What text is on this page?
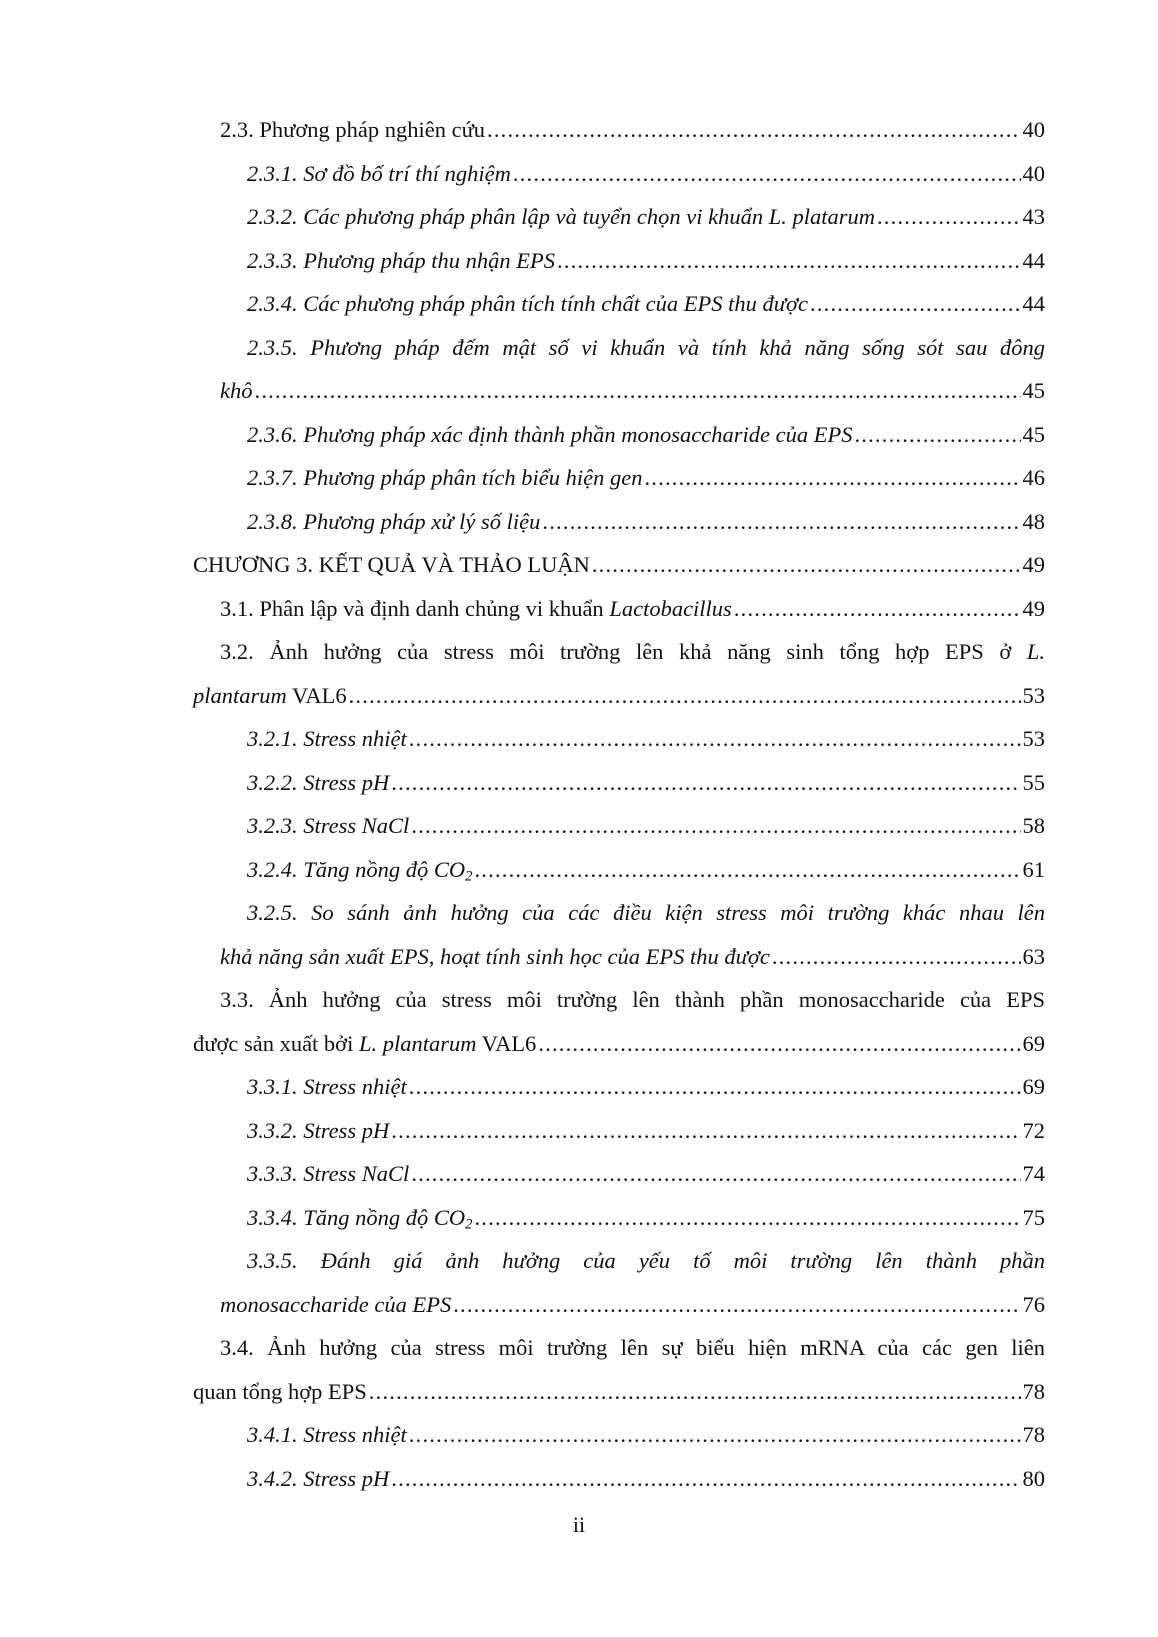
2.3. Phương pháp nghiên cứu .....	40
2.3.1. Sơ đồ bố trí thí nghiệm .....	40
2.3.2. Các phương pháp phân lập và tuyển chọn vi khuẩn L. platarum .....	43
2.3.3. Phương pháp thu nhận EPS .....	44
2.3.4. Các phương pháp phân tích tính chất của EPS thu được .....	44
2.3.5. Phương pháp đếm mật số vi khuẩn và tính khả năng sống sót sau đông
khô .....	45
2.3.6. Phương pháp xác định thành phần monosaccharide của EPS .....	45
2.3.7. Phương pháp phân tích biểu hiện gen .....	46
2.3.8. Phương pháp xử lý số liệu .....	48
CHƯƠNG 3. KẾT QUẢ VÀ THẢO LUẬN .....	49
3.1. Phân lập và định danh chủng vi khuẩn Lactobacillus .....	49
3.2. Ảnh hưởng của stress môi trường lên khả năng sinh tổng hợp EPS ở L.
plantarum VAL6 .....	53
3.2.1. Stress nhiệt .....	53
3.2.2. Stress pH .....	55
3.2.3. Stress NaCl .....	58
3.2.4. Tăng nồng độ $CO_2$ .....	61
3.2.5. So sánh ảnh hưởng của các điều kiện stress môi trường khác nhau lên
khả năng sản xuất EPS, hoạt tính sinh học của EPS thu được .....	63
3.3. Ảnh hưởng của stress môi trường lên thành phần monosaccharide của EPS
được sản xuất bởi L. plantarum VAL6 .....	69
3.3.1. Stress nhiệt .....	69
3.3.2. Stress pH .....	72
3.3.3. Stress NaCl .....	74
3.3.4. Tăng nồng độ $CO_2$ .....	75
3.3.5. Đánh giá ảnh hưởng của yếu tố môi trường lên thành phần
monosaccharide của EPS .....	76
3.4. Ảnh hưởng của stress môi trường lên sự biểu hiện mRNA của các gen liên
quan tổng hợp EPS .....	78
3.4.1. Stress nhiệt .....	78
3.4.2. Stress pH .....	80
ii
